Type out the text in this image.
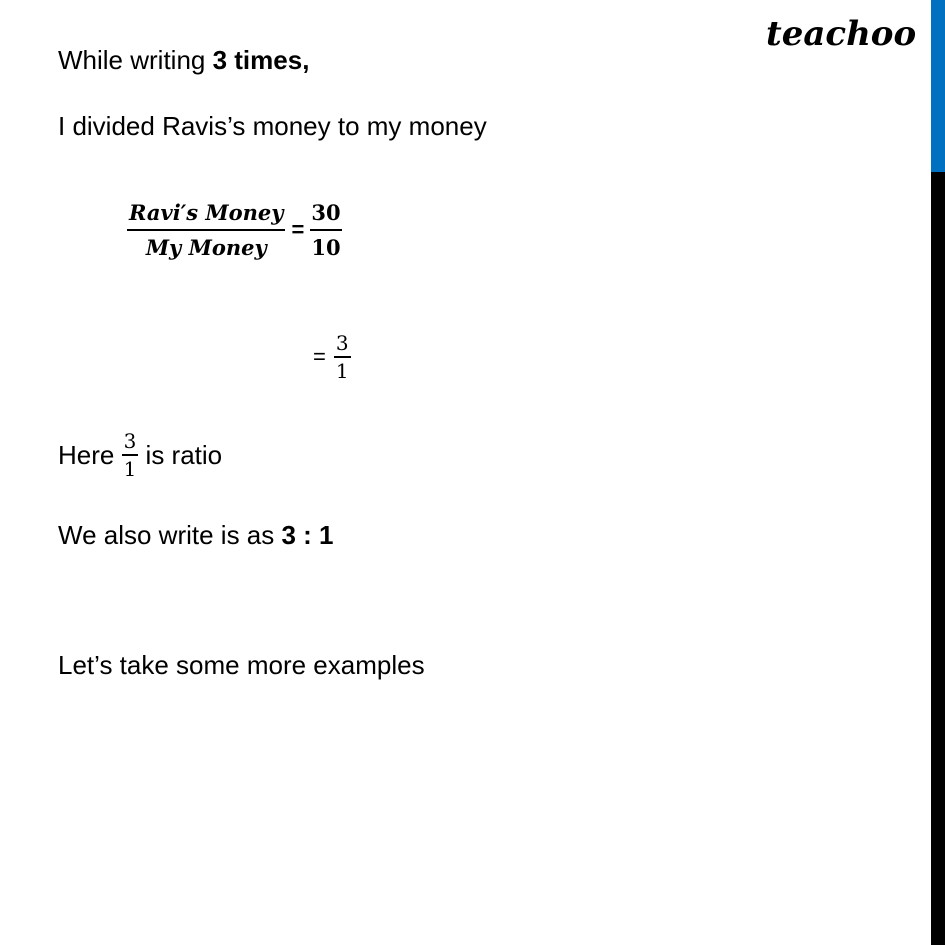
teachoo
While writing 3 times,
I divided Ravis’s money to my money
$\frac{\text{Ravi′s Money}}{\text{My Money}} = \frac{30}{10}$
= $\frac{3}{1}$
Here $\frac{3}{1}$ is ratio
We also write is as 3 : 1
Let’s take some more examples
